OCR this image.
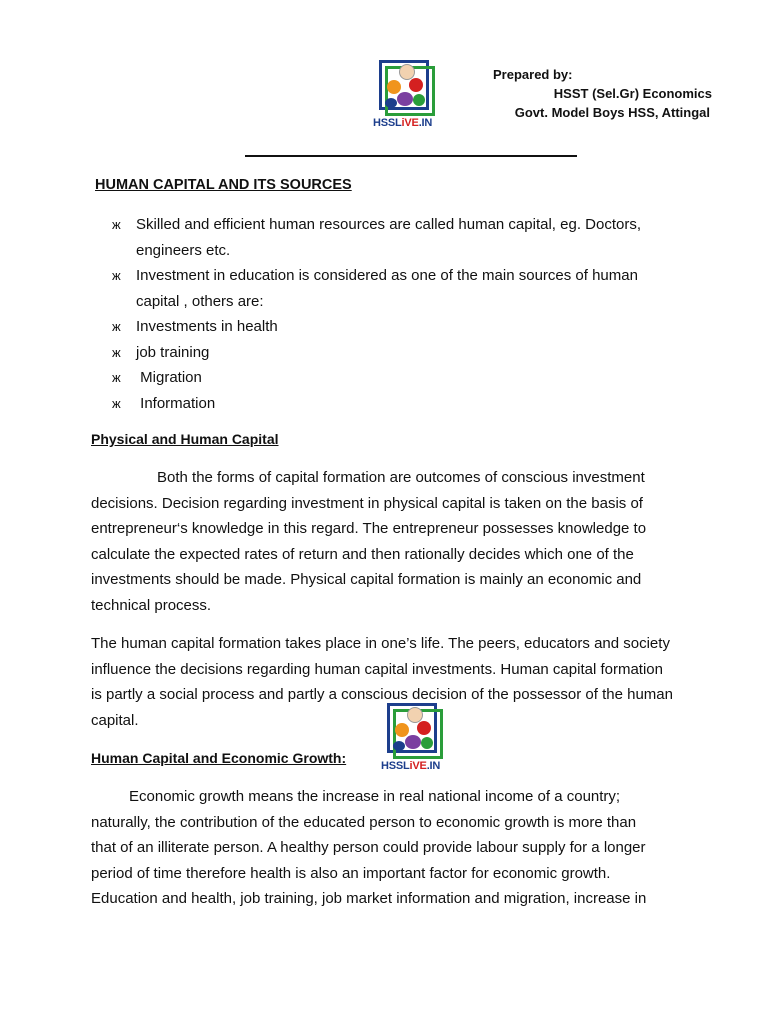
HSSLiVE.IN
Prepared by:
HSST (Sel.Gr) Economics
Govt. Model Boys HSS, Attingal
HUMAN CAPITAL AND ITS SOURCES
ж Skilled and efficient human resources are called human capital, eg. Doctors,
engineers etc.
ж Investment in education is considered as one of the main sources of human
capital , others are:
ж Investments in health
ж job training
ж Migration
ж Information
Physical and Human Capital

Both the forms of capital formation are outcomes of conscious investment
decisions. Decision regarding investment in physical capital is taken on the basis of
entrepreneur‘s knowledge in this regard. The entrepreneur possesses knowledge to
calculate the expected rates of return and then rationally decides which one of the
investments should be made. Physical capital formation is mainly an economic and
technical process.

The human capital formation takes place in one’s life. The peers, educators and society
influence the decisions regarding human capital investments. Human capital formation
is partly a social process and partly a conscious decision of the possessor of the human
capital.

Human Capital and Economic Growth:	HSSLiVE.IN

Economic growth means the increase in real national income of a country;
naturally, the contribution of the educated person to economic growth is more than
that of an illiterate person. A healthy person could provide labour supply for a longer
period of time therefore health is also an important factor for economic growth.
Education and health, job training, job market information and migration, increase in
